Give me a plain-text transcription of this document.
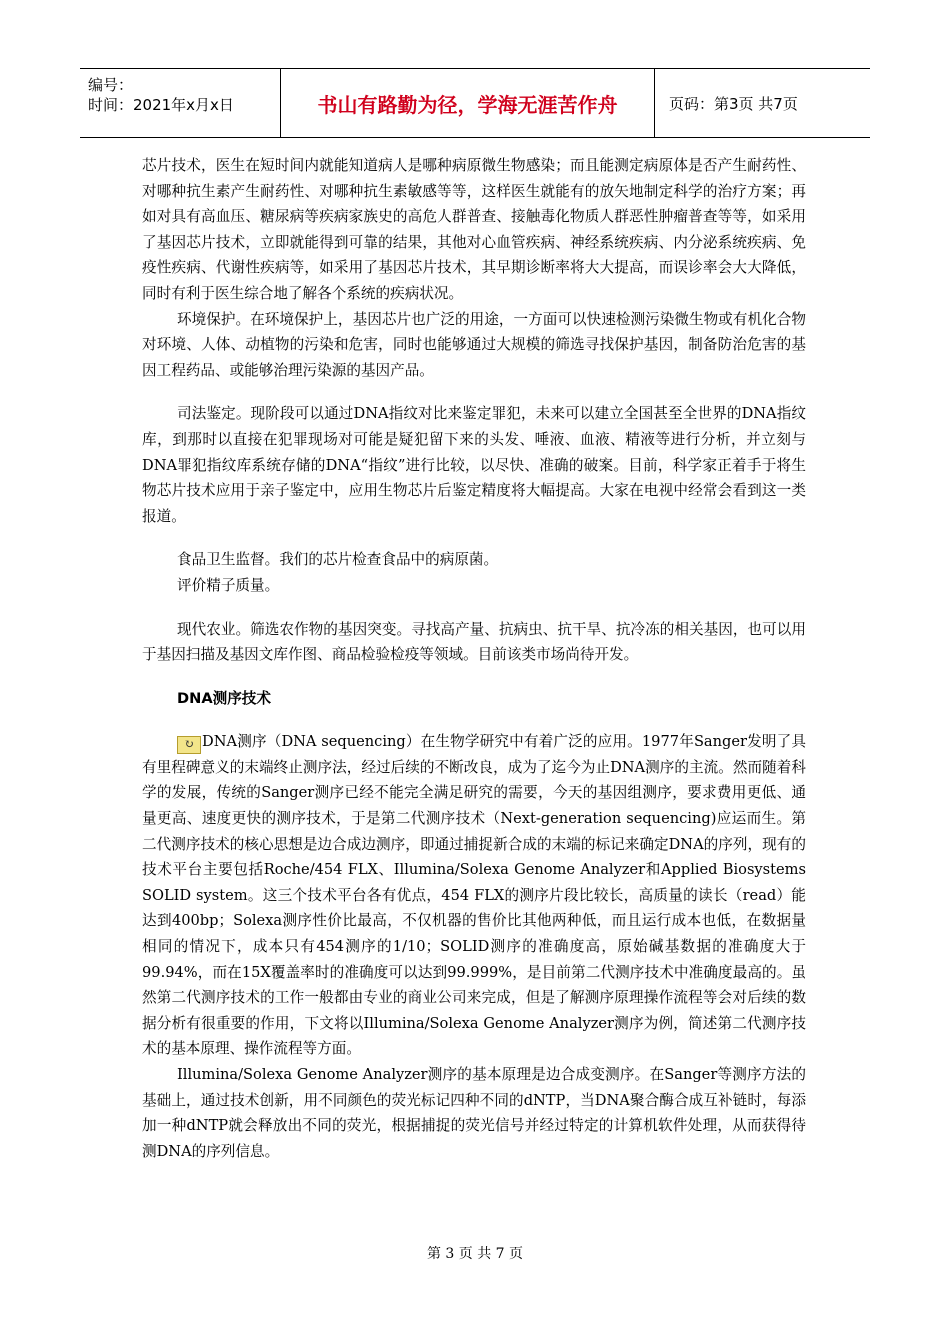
编号：
时间：2021年x月x日	书山有路勤为径，学海无涯苦作舟	页码：第3页 共7页

芯片技术，医生在短时间内就能知道病人是哪种病原微生物感染；而且能测定病原体是否产生耐药性、对哪种抗生素产生耐药性、对哪种抗生素敏感等等，这样医生就能有的放矢地制定科学的治疗方案；再如对具有高血压、糖尿病等疾病家族史的高危人群普查、接触毒化物质人群恶性肿瘤普查等等，如采用了基因芯片技术，立即就能得到可靠的结果，其他对心血管疾病、神经系统疾病、内分泌系统疾病、免疫性疾病、代谢性疾病等，如采用了基因芯片技术，其早期诊断率将大大提高，而误诊率会大大降低，同时有利于医生综合地了解各个系统的疾病状况。

环境保护。在环境保护上，基因芯片也广泛的用途，一方面可以快速检测污染微生物或有机化合物对环境、人体、动植物的污染和危害，同时也能够通过大规模的筛选寻找保护基因，制备防治危害的基因工程药品、或能够治理污染源的基因产品。

司法鉴定。现阶段可以通过DNA指纹对比来鉴定罪犯，未来可以建立全国甚至全世界的DNA指纹库，到那时以直接在犯罪现场对可能是疑犯留下来的头发、唾液、血液、精液等进行分析，并立刻与DNA罪犯指纹库系统存储的DNA“指纹”进行比较，以尽快、准确的破案。目前，科学家正着手于将生物芯片技术应用于亲子鉴定中，应用生物芯片后鉴定精度将大幅提高。大家在电视中经常会看到这一类报道。

食品卫生监督。我们的芯片检查食品中的病原菌。

评价精子质量。

现代农业。筛选农作物的基因突变。寻找高产量、抗病虫、抗干旱、抗冷冻的相关基因，也可以用于基因扫描及基因文库作图、商品检验检疫等领域。目前该类市场尚待开发。

DNA测序技术

↻ DNA测序（DNA sequencing）在生物学研究中有着广泛的应用。1977年Sanger发明了具有里程碑意义的末端终止测序法，经过后续的不断改良，成为了迄今为止DNA测序的主流。然而随着科学的发展，传统的Sanger测序已经不能完全满足研究的需要，今天的基因组测序，要求费用更低、通量更高、速度更快的测序技术，于是第二代测序技术（Next-generation sequencing)应运而生。第二代测序技术的核心思想是边合成边测序，即通过捕捉新合成的末端的标记来确定DNA的序列，现有的技术平台主要包括Roche/454 FLX、Illumina/Solexa Genome Analyzer和Applied Biosystems SOLID system。这三个技术平台各有优点，454 FLX的测序片段比较长，高质量的读长（read）能达到400bp；Solexa测序性价比最高，不仅机器的售价比其他两种低，而且运行成本也低，在数据量相同的情况下，成本只有454测序的1/10；SOLID测序的准确度高，原始碱基数据的准确度大于99.94%，而在15X覆盖率时的准确度可以达到99.999%，是目前第二代测序技术中准确度最高的。虽然第二代测序技术的工作一般都由专业的商业公司来完成，但是了解测序原理操作流程等会对后续的数据分析有很重要的作用，下文将以Illumina/Solexa Genome Analyzer测序为例，简述第二代测序技术的基本原理、操作流程等方面。

Illumina/Solexa Genome Analyzer测序的基本原理是边合成变测序。在Sanger等测序方法的基础上，通过技术创新，用不同颜色的荧光标记四种不同的dNTP，当DNA聚合酶合成互补链时，每添加一种dNTP就会释放出不同的荧光，根据捕捉的荧光信号并经过特定的计算机软件处理，从而获得待测DNA的序列信息。

第 3 页 共 7 页
